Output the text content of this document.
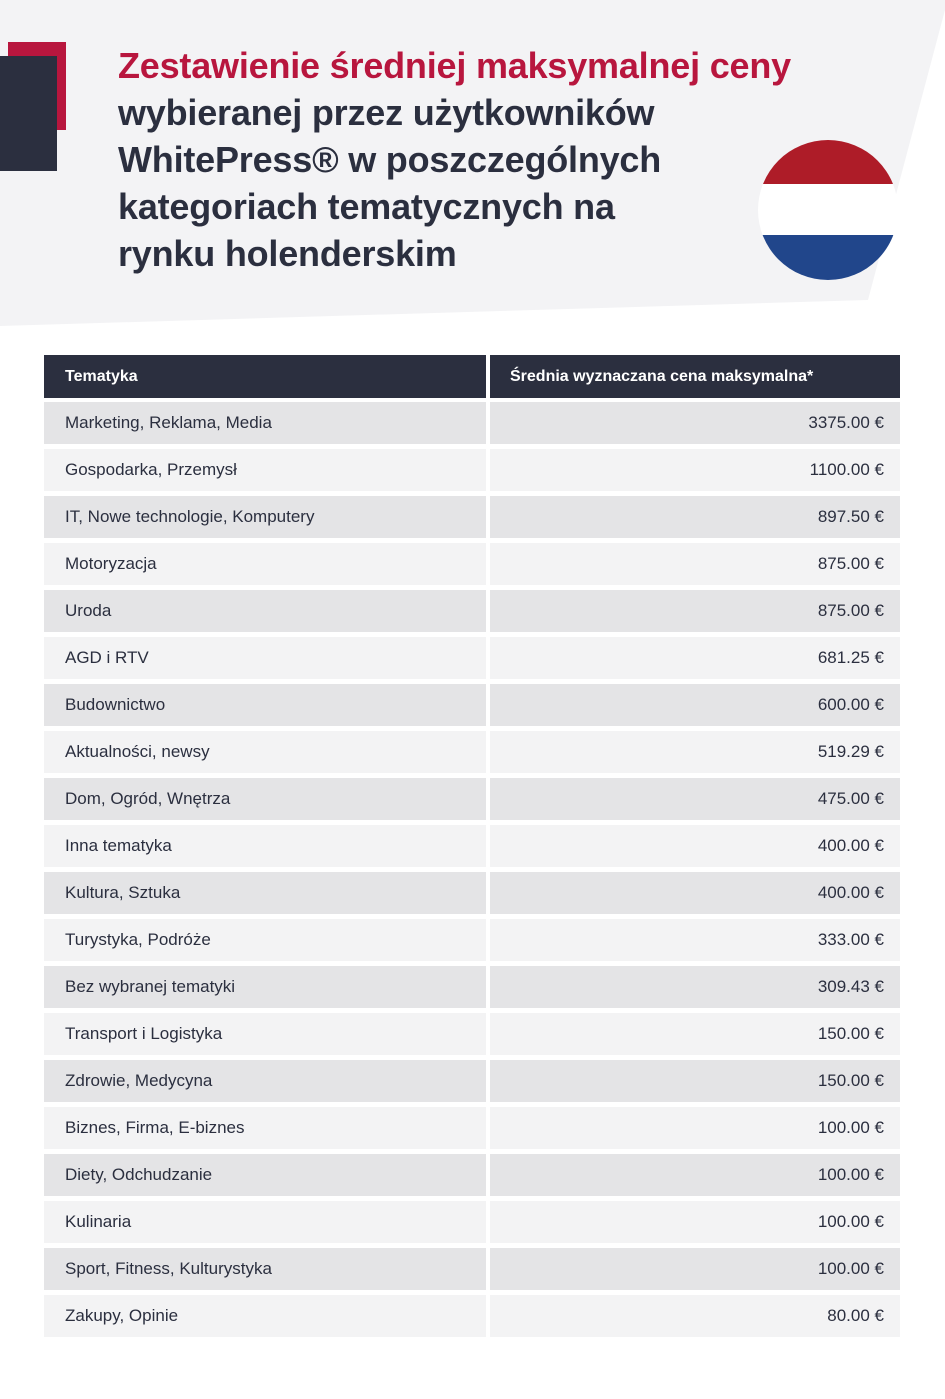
Zestawienie średniej maksymalnej ceny
wybieranej przez użytkowników
WhitePress® w poszczególnych
kategoriach tematycznych na
rynku holenderskim
Tematyka	Średnia wyznaczana cena maksymalna*
Marketing, Reklama, Media	3375.00 €
Gospodarka, Przemysł	1100.00 €
IT, Nowe technologie, Komputery	897.50 €
Motoryzacja	875.00 €
Uroda	875.00 €
AGD i RTV	681.25 €
Budownictwo	600.00 €
Aktualności, newsy	519.29 €
Dom, Ogród, Wnętrza	475.00 €
Inna tematyka	400.00 €
Kultura, Sztuka	400.00 €
Turystyka, Podróże	333.00 €
Bez wybranej tematyki	309.43 €
Transport i Logistyka	150.00 €
Zdrowie, Medycyna	150.00 €
Biznes, Firma, E-biznes	100.00 €
Diety, Odchudzanie	100.00 €
Kulinaria	100.00 €
Sport, Fitness, Kulturystyka	100.00 €
Zakupy, Opinie	80.00 €
